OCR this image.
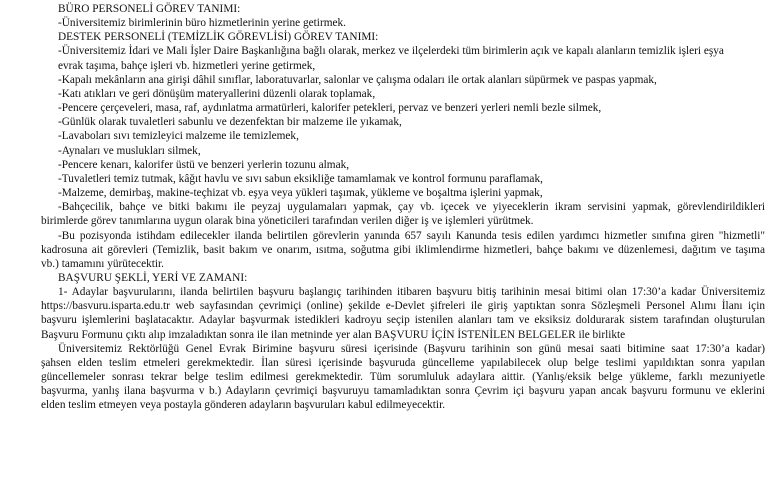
BÜRO PERSONELİ GÖREV TANIMI:
-Üniversitemiz birimlerinin büro hizmetlerinin yerine getirmek.
DESTEK PERSONELİ (TEMİZLİK GÖREVLİSİ) GÖREV TANIMI:
-Üniversitemiz İdari ve Mali İşler Daire Başkanlığına bağlı olarak, merkez ve ilçelerdeki tüm birimlerin açık ve kapalı alanların temizlik işleri eşya
evrak taşıma, bahçe işleri vb. hizmetleri yerine getirmek,
-Kapalı mekânların ana girişi dâhil sınıflar, laboratuvarlar, salonlar ve çalışma odaları ile ortak alanları süpürmek ve paspas yapmak,
-Katı atıkları ve geri dönüşüm materyallerini düzenli olarak toplamak,
-Pencere çerçeveleri, masa, raf, aydınlatma armatürleri, kalorifer petekleri, pervaz ve benzeri yerleri nemli bezle silmek,
-Günlük olarak tuvaletleri sabunlu ve dezenfektan bir malzeme ile yıkamak,
-Lavaboları sıvı temizleyici malzeme ile temizlemek,
-Aynaları ve muslukları silmek,
-Pencere kenarı, kalorifer üstü ve benzeri yerlerin tozunu almak,
-Tuvaletleri temiz tutmak, kâğıt havlu ve sıvı sabun eksikliğe tamamlamak ve kontrol formunu paraflamak,
-Malzeme, demirbaş, makine-teçhizat vb. eşya veya yükleri taşımak, yükleme ve boşaltma işlerini yapmak,
-Bahçecilik, bahçe ve bitki bakımı ile peyzaj uygulamaları yapmak, çay vb. içecek ve yiyeceklerin ikram servisini yapmak, görevlendirildikleri
birimlerde görev tanımlarına uygun olarak bina yöneticileri tarafından verilen diğer iş ve işlemleri yürütmek.
-Bu pozisyonda istihdam edilecekler ilanda belirtilen görevlerin yanında 657 sayılı Kanunda tesis edilen yardımcı hizmetler sınıfına giren "hizmetli"
kadrosuna ait görevleri (Temizlik, basit bakım ve onarım, ısıtma, soğutma gibi iklimlendirme hizmetleri, bahçe bakımı ve düzenlemesi, dağıtım ve taşıma
vb.) tamamını yürütecektir.
BAŞVURU ŞEKLİ, YERİ VE ZAMANI:
1- Adaylar başvurularını, ilanda belirtilen başvuru başlangıç tarihinden itibaren başvuru bitiş tarihinin mesai bitimi olan 17:30’a kadar Üniversitemiz
https://basvuru.isparta.edu.tr web sayfasından çevrimiçi (online) şekilde e-Devlet şifreleri ile giriş yaptıktan sonra Sözleşmeli Personel Alımı İlanı için
başvuru işlemlerini başlatacaktır. Adaylar başvurmak istedikleri kadroyu seçip istenilen alanları tam ve eksiksiz doldurarak sistem tarafından oluşturulan
Başvuru Formunu çıktı alıp imzaladıktan sonra ile ilan metninde yer alan BAŞVURU İÇİN İSTENİLEN BELGELER ile birlikte
Üniversitemiz Rektörlüğü Genel Evrak Birimine başvuru süresi içerisinde (Başvuru tarihinin son günü mesai saati bitimine saat 17:30’a kadar)
şahsen elden teslim etmeleri gerekmektedir. İlan süresi içerisinde başvuruda güncelleme yapılabilecek olup belge teslimi yapıldıktan sonra yapılan
güncellemeler sonrası tekrar belge teslim edilmesi gerekmektedir. Tüm sorumluluk adaylara aittir. (Yanlış/eksik belge yükleme, farklı mezuniyetle
başvurma, yanlış ilana başvurma v b.) Adayların çevrimiçi başvuruyu tamamladıktan sonra Çevrim içi başvuru yapan ancak başvuru formunu ve eklerini
elden teslim etmeyen veya postayla gönderen adayların başvuruları kabul edilmeyecektir.
